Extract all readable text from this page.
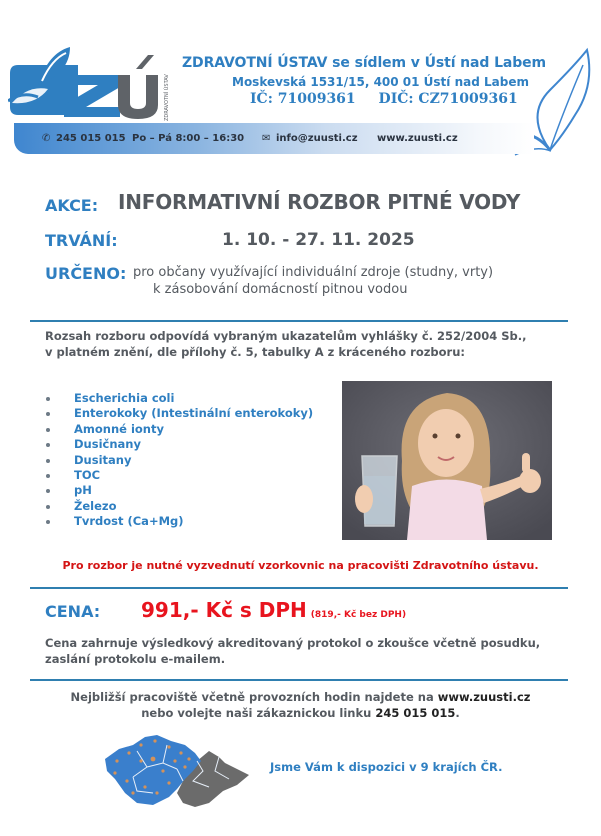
ZDRAVOTNÍ ÚSTAV
ZDRAVOTNÍ ÚSTAV se sídlem v Ústí nad Labem
Moskevská 1531/15, 400 01 Ústí nad Labem
IČ: 71009361 DIČ: CZ71009361
✆ 245 015 015 Po – Pá 8:00 – 16:30 ✉ info@zuusti.cz www.zuusti.cz
AKCE: INFORMATIVNÍ ROZBOR PITNÉ VODY
TRVÁNÍ:	1. 10. - 27. 11. 2025
URČENO: pro občany využívající individuální zdroje (studny, vrty)
k zásobování domácností pitnou vodou
Rozsah rozboru odpovídá vybraným ukazatelům vyhlášky č. 252/2004 Sb.,
v platném znění, dle přílohy č. 5, tabulky A z kráceného rozboru:
Escherichia coli
Enterokoky (Intestinální enterokoky)
Amonné ionty
Dusičnany
Dusitany
TOC
pH
Železo
Tvrdost (Ca+Mg)
Pro rozbor je nutné vyzvednutí vzorkovnic na pracovišti Zdravotního ústavu.
CENA: 991,- Kč s DPH (819,- Kč bez DPH)
Cena zahrnuje výsledkový akreditovaný protokol o zkoušce včetně posudku,
zaslání protokolu e-mailem.
Nejbližší pracoviště včetně provozních hodin najdete na www.zuusti.cz
nebo volejte naši zákaznickou linku 245 015 015.
Jsme Vám k dispozici v 9 krajích ČR.
